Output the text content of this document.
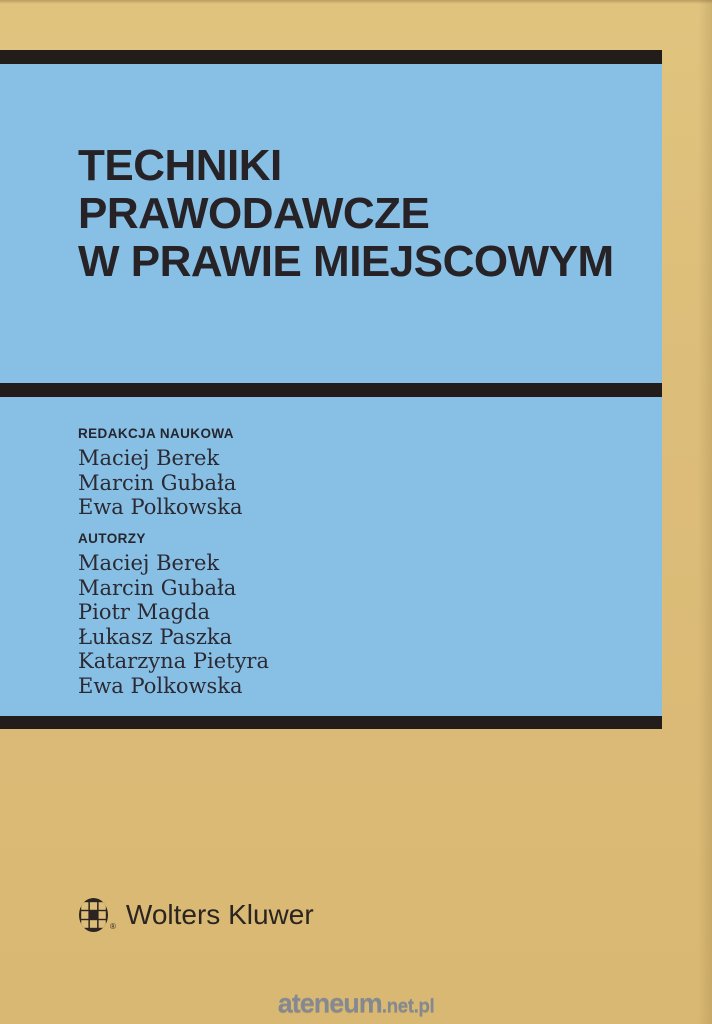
TECHNIKI
PRAWODAWCZE
W PRAWIE MIEJSCOWYM
REDAKCJA NAUKOWA
Maciej Berek
Marcin Gubała
Ewa Polkowska
AUTORZY
Maciej Berek
Marcin Gubała
Piotr Magda
Łukasz Paszka
Katarzyna Pietyra
Ewa Polkowska
® Wolters Kluwer
ateneum.net.pl
